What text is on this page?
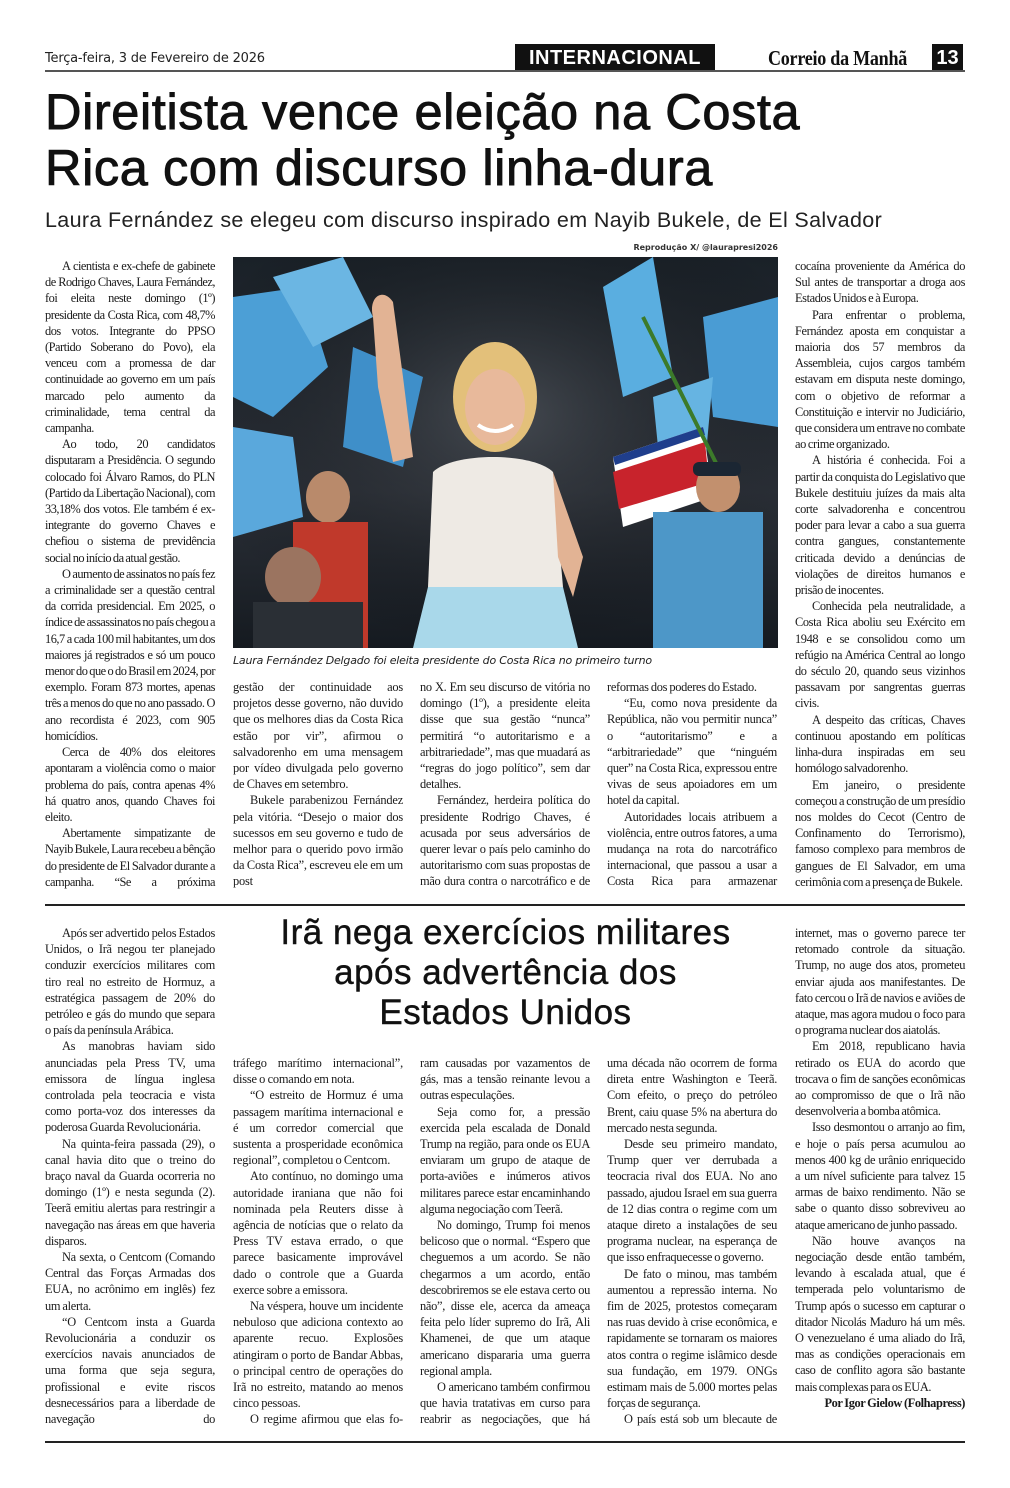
Terça-feira, 3 de Fevereiro de 2026	INTERNACIONAL	Correio da Manhã 13
Direitista vence eleição na Costa
Rica com discurso linha-dura
Laura Fernández se elegeu com discurso inspirado em Nayib Bukele, de El Salvador
Reprodução X/ @laurapresi2026
Laura Fernández Delgado foi eleita presidente do Costa Rica no primeiro turno

A cientista e ex-chefe de gabinete de Rodrigo Chaves, Laura Fernández, foi eleita neste domingo (1º) presidente da Costa Rica, com 48,7% dos votos. Integrante do PPSO (Partido Soberano do Povo), ela venceu com a promessa de dar continuidade ao governo em um país marcado pelo aumento da criminalidade, tema central da campanha.

Ao todo, 20 candidatos disputaram a Presidência. O segundo colocado foi Álvaro Ramos, do PLN (Partido da Libertação Nacional), com 33,18% dos votos. Ele também é ex-integrante do governo Chaves e chefiou o sistema de previdência social no início da atual gestão.

O aumento de assinatos no país fez a criminalidade ser a questão central da corrida presidencial. Em 2025, o índice de assassinatos no país chegou a 16,7 a cada 100 mil habitantes, um dos maiores já registrados e só um pouco menor do que o do Brasil em 2024, por exemplo. Foram 873 mortes, apenas três a menos do que no ano passado. O ano recordista é 2023, com 905 homicídios.

Cerca de 40% dos eleitores apontaram a violência como o maior problema do país, contra apenas 4% há quatro anos, quando Chaves foi eleito.

Abertamente simpatizante de Nayib Bukele, Laura recebeu a bênção do presidente de El Salvador durante a campanha. “Se a próxima

gestão der continuidade aos projetos desse governo, não duvido que os melhores dias da Costa Rica estão por vir”, afirmou o salvadorenho em uma mensagem por vídeo divulgada pelo governo de Chaves em setembro.

Bukele parabenizou Fernández pela vitória. “Desejo o maior dos sucessos em seu governo e tudo de melhor para o querido povo irmão da Costa Rica”, escreveu ele em um post

no X. Em seu discurso de vitória no domingo (1º), a presidente eleita disse que sua gestão “nunca” permitirá “o autoritarismo e a arbitrariedade”, mas que muadará as “regras do jogo político”, sem dar detalhes.

Fernández, herdeira política do presidente Rodrigo Chaves, é acusada por seus adversários de querer levar o país pelo caminho do autoritarismo com suas propostas de mão dura contra o narcotráfico e de

reformas dos poderes do Estado.

“Eu, como nova presidente da República, não vou permitir nunca” o “autoritarismo” e a “arbitrariedade” que “ninguém quer” na Costa Rica, expressou entre vivas de seus apoiadores em um hotel da capital.

Autoridades locais atribuem a violência, entre outros fatores, a uma mudança na rota do narcotráfico internacional, que passou a usar a Costa Rica para armazenar

cocaína proveniente da América do Sul antes de transportar a droga aos Estados Unidos e à Europa.

Para enfrentar o problema, Fernández aposta em conquistar a maioria dos 57 membros da Assembleia, cujos cargos também estavam em disputa neste domingo, com o objetivo de reformar a Constituição e intervir no Judiciário, que considera um entrave no combate ao crime organizado.

A história é conhecida. Foi a partir da conquista do Legislativo que Bukele destituiu juízes da mais alta corte salvadorenha e concentrou poder para levar a cabo a sua guerra contra gangues, constantemente criticada devido a denúncias de violações de direitos humanos e prisão de inocentes.

Conhecida pela neutralidade, a Costa Rica aboliu seu Exército em 1948 e se consolidou como um refúgio na América Central ao longo do século 20, quando seus vizinhos passavam por sangrentas guerras civis.

A despeito das críticas, Chaves continuou apostando em políticas linha-dura inspiradas em seu homólogo salvadorenho.

Em janeiro, o presidente começou a construção de um presídio nos moldes do Cecot (Centro de Confinamento do Terrorismo), famoso complexo para membros de gangues de El Salvador, em uma cerimônia com a presença de Bukele.

Irã nega exercícios militares
após advertência dos
Estados Unidos

Após ser advertido pelos Estados Unidos, o Irã negou ter planejado conduzir exercícios militares com tiro real no estreito de Hormuz, a estratégica passagem de 20% do petróleo e gás do mundo que separa o país da península Arábica.

As manobras haviam sido anunciadas pela Press TV, uma emissora de língua inglesa controlada pela teocracia e vista como porta-voz dos interesses da poderosa Guarda Revolucionária.

Na quinta-feira passada (29), o canal havia dito que o treino do braço naval da Guarda ocorreria no domingo (1º) e nesta segunda (2). Teerã emitiu alertas para restringir a navegação nas áreas em que haveria disparos.

Na sexta, o Centcom (Comando Central das Forças Armadas dos EUA, no acrônimo em inglês) fez um alerta.

“O Centcom insta a Guarda Revolucionária a conduzir os exercícios navais anunciados de uma forma que seja segura, profissional e evite riscos desnecessários para a liberdade de navegação do

tráfego marítimo internacional”, disse o comando em nota.

“O estreito de Hormuz é uma passagem marítima internacional e é um corredor comercial que sustenta a prosperidade econômica regional”, completou o Centcom.

Ato contínuo, no domingo uma autoridade iraniana que não foi nominada pela Reuters disse à agência de notícias que o relato da Press TV estava errado, o que parece basicamente improvável dado o controle que a Guarda exerce sobre a emissora.

Na véspera, houve um incidente nebuloso que adiciona contexto ao aparente recuo. Explosões atingiram o porto de Bandar Abbas, o principal centro de operações do Irã no estreito, matando ao menos cinco pessoas.

O regime afirmou que elas fo-

ram causadas por vazamentos de gás, mas a tensão reinante levou a outras especulações.

Seja como for, a pressão exercida pela escalada de Donald Trump na região, para onde os EUA enviaram um grupo de ataque de porta-aviões e inúmeros ativos militares parece estar encaminhando alguma negociação com Teerã.

No domingo, Trump foi menos belicoso que o normal. “Espero que cheguemos a um acordo. Se não chegarmos a um acordo, então descobriremos se ele estava certo ou não”, disse ele, acerca da ameaça feita pelo líder supremo do Irã, Ali Khamenei, de que um ataque americano dispararia uma guerra regional ampla.

O americano também confirmou que havia tratativas em curso para reabrir as negociações, que há

uma década não ocorrem de forma direta entre Washington e Teerã. Com efeito, o preço do petróleo Brent, caiu quase 5% na abertura do mercado nesta segunda.

Desde seu primeiro mandato, Trump quer ver derrubada a teocracia rival dos EUA. No ano passado, ajudou Israel em sua guerra de 12 dias contra o regime com um ataque direto a instalações de seu programa nuclear, na esperança de que isso enfraquecesse o governo.

De fato o minou, mas também aumentou a repressão interna. No fim de 2025, protestos começaram nas ruas devido à crise econômica, e rapidamente se tornaram os maiores atos contra o regime islâmico desde sua fundação, em 1979. ONGs estimam mais de 5.000 mortes pelas forças de segurança.

O país está sob um blecaute de

internet, mas o governo parece ter retomado controle da situação. Trump, no auge dos atos, prometeu enviar ajuda aos manifestantes. De fato cercou o Irã de navios e aviões de ataque, mas agora mudou o foco para o programa nuclear dos aiatolás.

Em 2018, republicano havia retirado os EUA do acordo que trocava o fim de sanções econômicas ao compromisso de que o Irã não desenvolveria a bomba atômica.

Isso desmontou o arranjo ao fim, e hoje o país persa acumulou ao menos 400 kg de urânio enriquecido a um nível suficiente para talvez 15 armas de baixo rendimento. Não se sabe o quanto disso sobreviveu ao ataque americano de junho passado.

Não houve avanços na negociação desde então também, levando à escalada atual, que é temperada pelo voluntarismo de Trump após o sucesso em capturar o ditador Nicolás Maduro há um mês. O venezuelano é uma aliado do Irã, mas as condições operacionais em caso de conflito agora são bastante mais complexas para os EUA.

Por Igor Gielow (Folhapress)
